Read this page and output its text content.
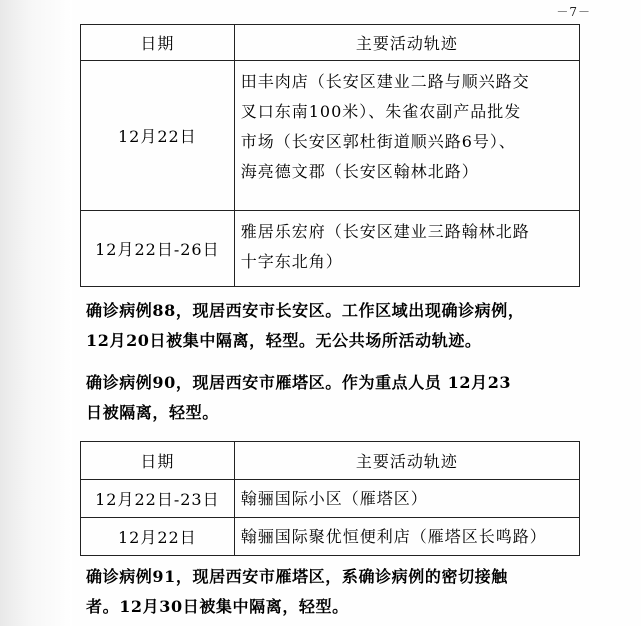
－7－
日期	主要活动轨迹
12月22日	田丰肉店（长安区建业二路与顺兴路交
叉口东南100米）、朱雀农副产品批发
市场（长安区郭杜街道顺兴路6号）、
海亮德文郡（长安区翰林北路）

12月22日-26日	雅居乐宏府（长安区建业三路翰林北路
十字东北角）
确诊病例88，现居西安市长安区。工作区域出现确诊病例，
12月20日被集中隔离，轻型。无公共场所活动轨迹。
确诊病例90，现居西安市雁塔区。作为重点人员 12月23
日被隔离，轻型。
日期	主要活动轨迹
12月22日-23日	翰骊国际小区（雁塔区）
12月22日	翰骊国际聚优恒便利店（雁塔区长鸣路）
确诊病例91，现居西安市雁塔区，系确诊病例的密切接触
者。12月30日被集中隔离，轻型。
